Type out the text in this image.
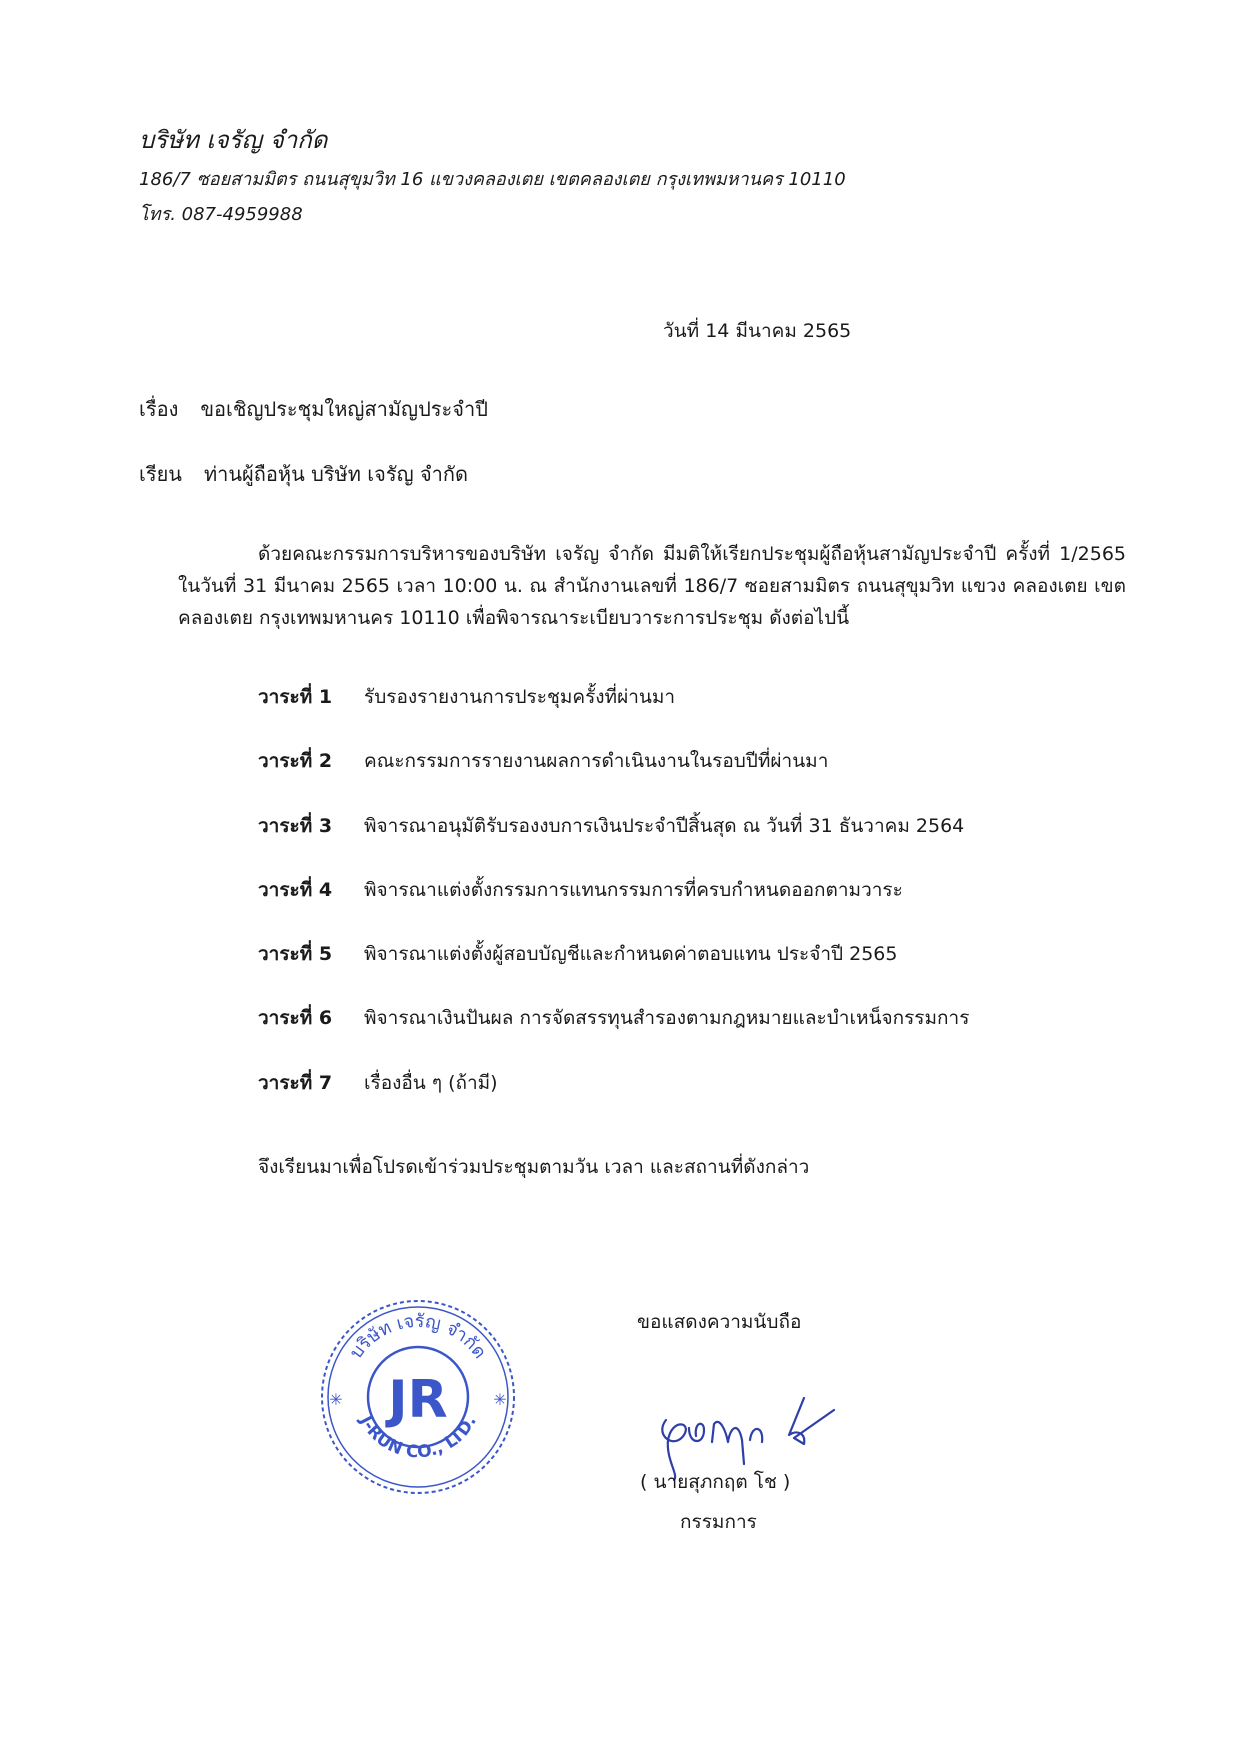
บริษัท เจรัญ จำกัด
186/7 ซอยสามมิตร ถนนสุขุมวิท 16 แขวงคลองเตย เขตคลองเตย กรุงเทพมหานคร 10110
โทร. 087-4959988
วันที่ 14 มีนาคม 2565
เรื่อง ขอเชิญประชุมใหญ่สามัญประจำปี
เรียน ท่านผู้ถือหุ้น บริษัท เจรัญ จำกัด

ด้วยคณะกรรมการบริหารของบริษัท เจรัญ จำกัด มีมติให้เรียกประชุมผู้ถือหุ้นสามัญประจำปี ครั้งที่ 1/2565 ในวันที่ 31 มีนาคม 2565 เวลา 10:00 น. ณ สำนักงานเลขที่ 186/7 ซอยสามมิตร ถนนสุขุมวิท แขวง คลองเตย เขตคลองเตย กรุงเทพมหานคร 10110 เพื่อพิจารณาระเบียบวาระการประชุม ดังต่อไปนี้

วาระที่ 1 รับรองรายงานการประชุมครั้งที่ผ่านมา
วาระที่ 2 คณะกรรมการรายงานผลการดำเนินงานในรอบปีที่ผ่านมา
วาระที่ 3 พิจารณาอนุมัติรับรองงบการเงินประจำปีสิ้นสุด ณ วันที่ 31 ธันวาคม 2564
วาระที่ 4 พิจารณาแต่งตั้งกรรมการแทนกรรมการที่ครบกำหนดออกตามวาระ
วาระที่ 5 พิจารณาแต่งตั้งผู้สอบบัญชีและกำหนดค่าตอบแทน ประจำปี 2565
วาระที่ 6 พิจารณาเงินปันผล การจัดสรรทุนสำรองตามกฎหมายและบำเหน็จกรรมการ
วาระที่ 7 เรื่องอื่น ๆ (ถ้ามี)
จึงเรียนมาเพื่อโปรดเข้าร่วมประชุมตามวัน เวลา และสถานที่ดังกล่าว
บริษัท เจรัญ จำกัด
J-RUN CO., LTD.
JR
✳	✳
ขอแสดงความนับถือ
( นายสุภกฤต โช )
กรรมการ
